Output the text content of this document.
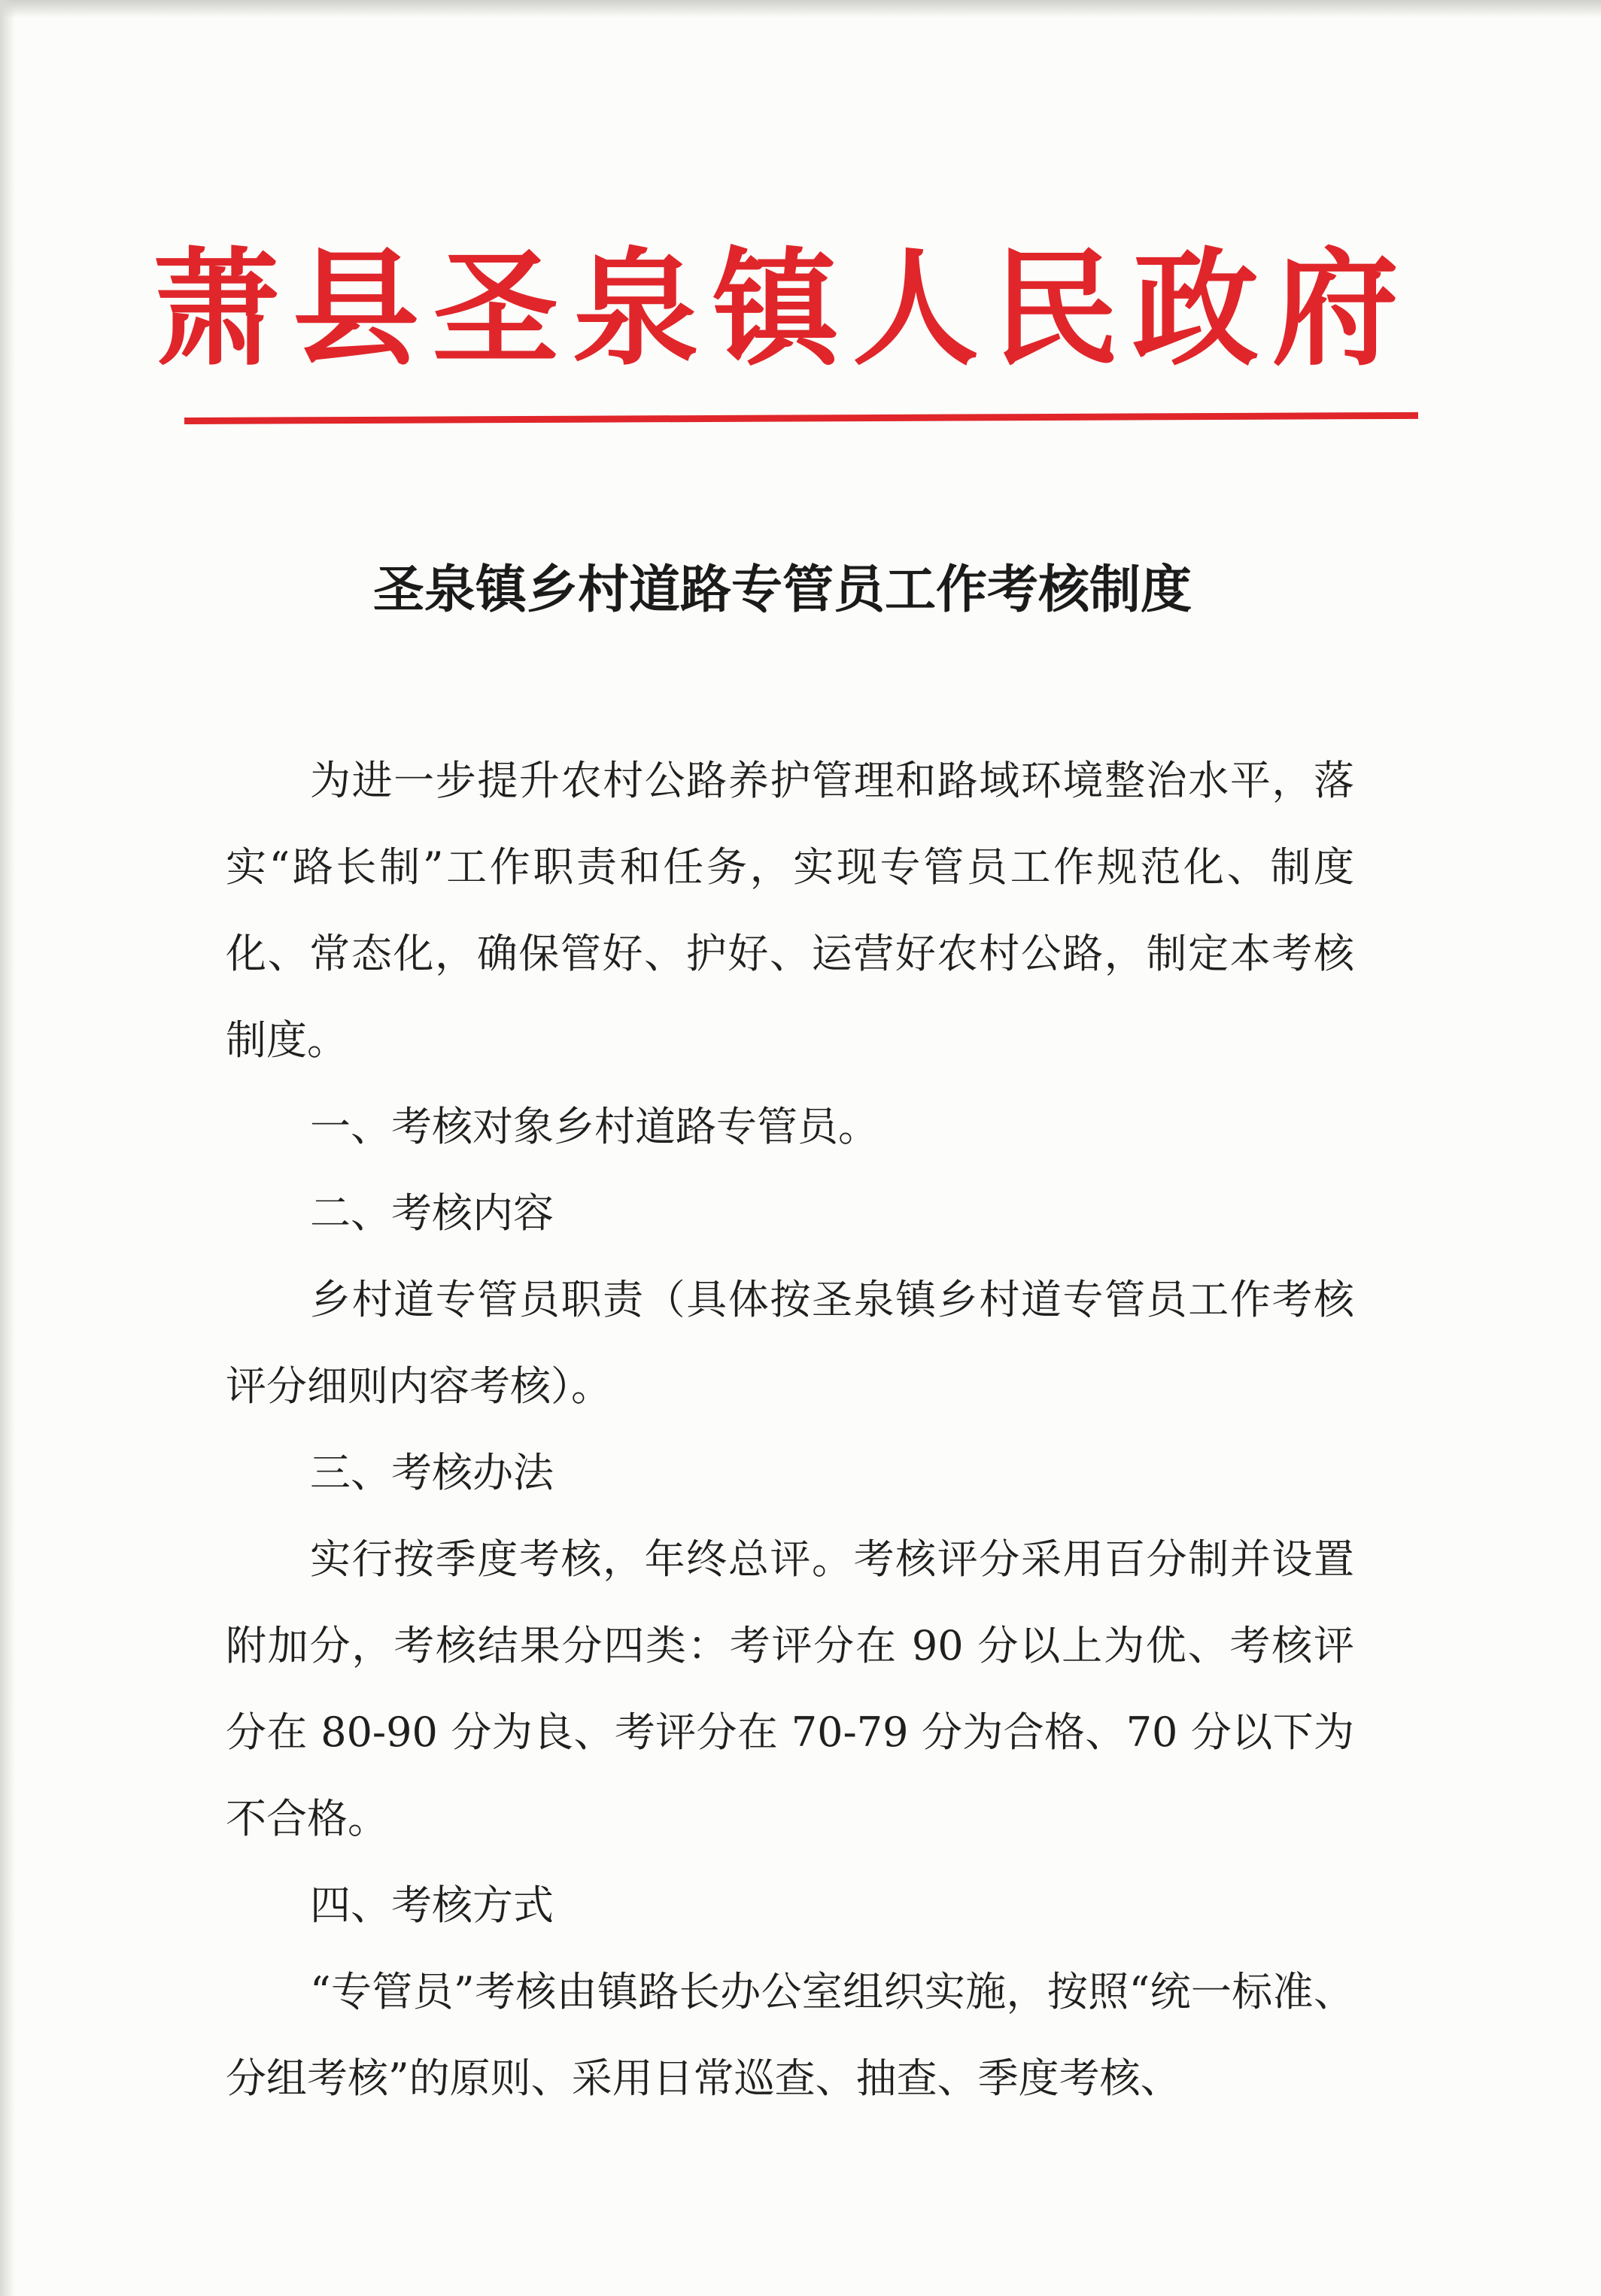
萧县圣泉镇人民政府
圣泉镇乡村道路专管员工作考核制度

为进一步提升农村公路养护管理和路域环境整治水平，落实“路长制”工作职责和任务，实现专管员工作规范化、制度化、常态化，确保管好、护好、运营好农村公路，制定本考核制度。

一、考核对象乡村道路专管员。

二、考核内容

乡村道专管员职责（具体按圣泉镇乡村道专管员工作考核评分细则内容考核）。

三、考核办法

实行按季度考核，年终总评。考核评分采用百分制并设置附加分，考核结果分四类：考评分在 90 分以上为优、考核评分在 80-90 分为良、考评分在 70-79 分为合格、70 分以下为不合格。

四、考核方式

“专管员”考核由镇路长办公室组织实施，按照“统一标准、分组考核”的原则、采用日常巡查、抽查、季度考核、
